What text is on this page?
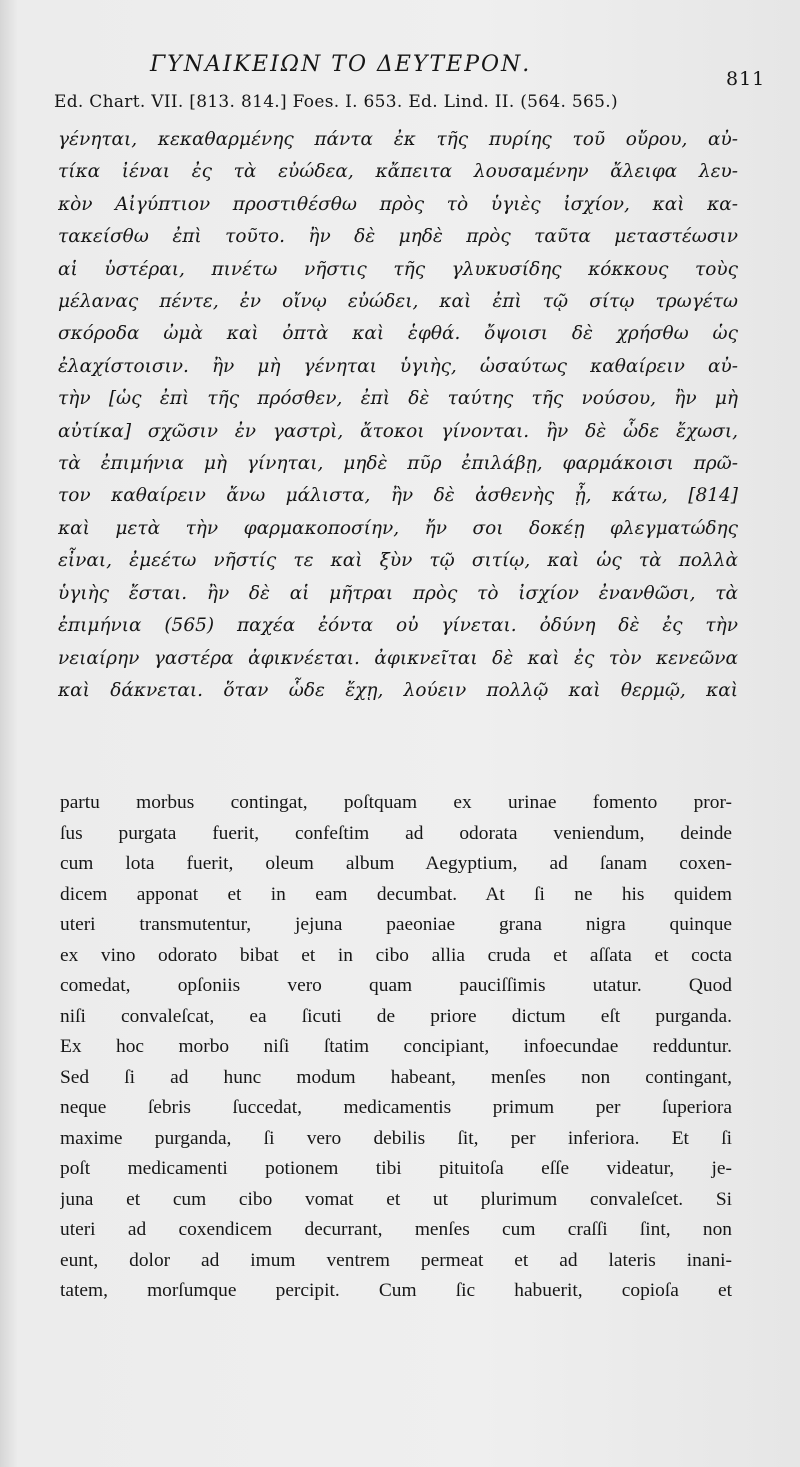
ΓΥΝΑΙΚΕΙΩΝ ΤΟ ΔΕΥΤΕΡΟΝ.
811
Ed. Chart. VII. [813. 814.] Foes. I. 653. Ed. Lind. II. (564. 565.)
γένηται, κεκαθαρμένης πάντα ἐκ τῆς πυρίης τοῦ οὔρου, αὐ-
τίκα ἰέναι ἐς τὰ εὐώδεα, κἄπειτα λουσαμένην ἄλειφα λευ-
κὸν Αἰγύπτιον προστιθέσθω πρὸς τὸ ὑγιὲς ἰσχίον, καὶ κα-
τακείσθω ἐπὶ τοῦτο. ἢν δὲ μηδὲ πρὸς ταῦτα μεταστέωσιν
αἱ ὑστέραι, πινέτω νῆστις τῆς γλυκυσίδης κόκκους τοὺς
μέλανας πέντε, ἐν οἴνῳ εὐώδει, καὶ ἐπὶ τῷ σίτῳ τρωγέτω
σκόροδα ὠμὰ καὶ ὀπτὰ καὶ ἑφθά. ὄψοισι δὲ χρήσθω ὡς
ἐλαχίστοισιν. ἢν μὴ γένηται ὑγιὴς, ὡσαύτως καθαίρειν αὐ-
τὴν [ὡς ἐπὶ τῆς πρόσθεν, ἐπὶ δὲ ταύτης τῆς νούσου, ἢν μὴ
αὐτίκα] σχῶσιν ἐν γαστρὶ, ἄτοκοι γίνονται. ἢν δὲ ὧδε ἔχωσι,
τὰ ἐπιμήνια μὴ γίνηται, μηδὲ πῦρ ἐπιλάβῃ, φαρμάκοισι πρῶ-
τον καθαίρειν ἄνω μάλιστα, ἢν δὲ ἀσθενὴς ᾖ, κάτω, [814]
καὶ μετὰ τὴν φαρμακοποσίην, ἤν σοι δοκέῃ φλεγματώδης
εἶναι, ἐμεέτω νῆστίς τε καὶ ξὺν τῷ σιτίῳ, καὶ ὡς τὰ πολλὰ
ὑγιὴς ἔσται. ἢν δὲ αἱ μῆτραι πρὸς τὸ ἰσχίον ἐνανθῶσι, τὰ
ἐπιμήνια (565) παχέα ἐόντα οὐ γίνεται. ὀδύνη δὲ ἐς τὴν
νειαίρην γαστέρα ἀφικνέεται. ἀφικνεῖται δὲ καὶ ἐς τὸν κενεῶνα
καὶ δάκνεται. ὅταν ὧδε ἔχῃ, λούειν πολλῷ καὶ θερμῷ, καὶ
partu morbus contingat, poſtquam ex urinae fomento pror-
ſus purgata fuerit, confeſtim ad odorata veniendum, deinde
cum lota fuerit, oleum album Aegyptium, ad ſanam coxen-
dicem apponat et in eam decumbat. At ſi ne his quidem
uteri transmutentur, jejuna paeoniae grana nigra quinque
ex vino odorato bibat et in cibo allia cruda et aſſata et cocta
comedat, opſoniis vero quam pauciſſimis utatur. Quod
niſi convaleſcat, ea ſicuti de priore dictum eſt purganda.
Ex hoc morbo niſi ſtatim concipiant, infoecundae redduntur.
Sed ſi ad hunc modum habeant, menſes non contingant,
neque ſebris ſuccedat, medicamentis primum per ſuperiora
maxime purganda, ſi vero debilis ſit, per inferiora. Et ſi
poſt medicamenti potionem tibi pituitoſa eſſe videatur, je-
juna et cum cibo vomat et ut plurimum convaleſcet. Si
uteri ad coxendicem decurrant, menſes cum craſſi ſint, non
eunt, dolor ad imum ventrem permeat et ad lateris inani-
tatem, morſumque percipit. Cum ſic habuerit, copioſa et
